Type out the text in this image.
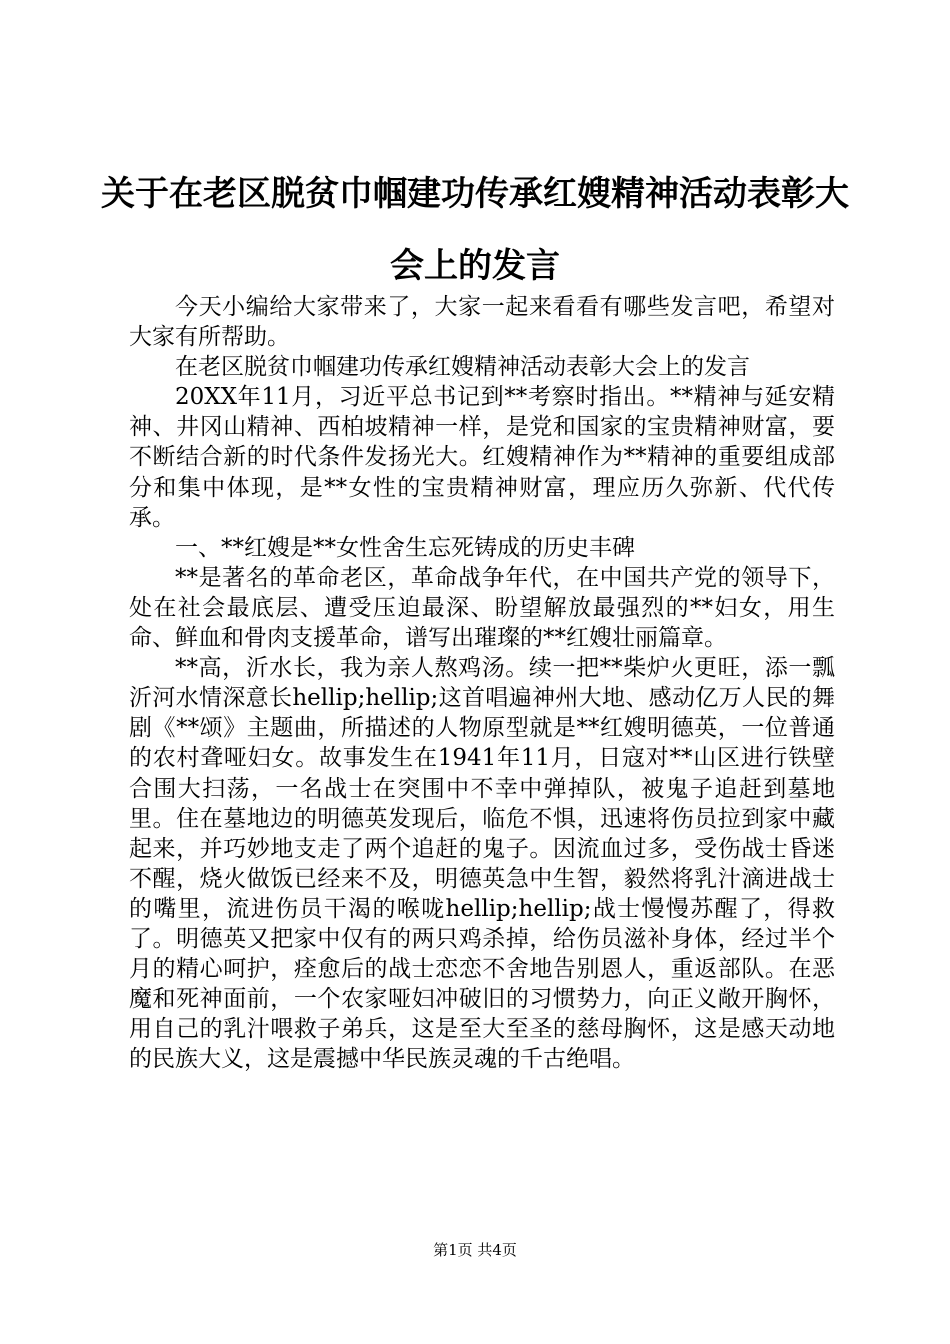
关于在老区脱贫巾帼建功传承红嫂精神活动表彰大会上的发言

今天小编给大家带来了，大家一起来看看有哪些发言吧，希望对大家有所帮助。

在老区脱贫巾帼建功传承红嫂精神活动表彰大会上的发言

20XX年11月，习近平总书记到**考察时指出。**精神与延安精神、井冈山精神、西柏坡精神一样，是党和国家的宝贵精神财富，要不断结合新的时代条件发扬光大。红嫂精神作为**精神的重要组成部分和集中体现，是**女性的宝贵精神财富，理应历久弥新、代代传承。

一、**红嫂是**女性舍生忘死铸成的历史丰碑

**是著名的革命老区，革命战争年代，在中国共产党的领导下，处在社会最底层、遭受压迫最深、盼望解放最强烈的**妇女，用生命、鲜血和骨肉支援革命，谱写出璀璨的**红嫂壮丽篇章。

**高，沂水长，我为亲人熬鸡汤。续一把**柴炉火更旺，添一瓢沂河水情深意长hellip;hellip;这首唱遍神州大地、感动亿万人民的舞剧《**颂》主题曲，所描述的人物原型就是**红嫂明德英，一位普通的农村聋哑妇女。故事发生在1941年11月，日寇对**山区进行铁壁合围大扫荡，一名战士在突围中不幸中弹掉队，被鬼子追赶到墓地里。住在墓地边的明德英发现后，临危不惧，迅速将伤员拉到家中藏起来，并巧妙地支走了两个追赶的鬼子。因流血过多，受伤战士昏迷不醒，烧火做饭已经来不及，明德英急中生智，毅然将乳汁滴进战士的嘴里，流进伤员干渴的喉咙hellip;hellip;战士慢慢苏醒了，得救了。明德英又把家中仅有的两只鸡杀掉，给伤员滋补身体，经过半个月的精心呵护，痊愈后的战士恋恋不舍地告别恩人，重返部队。在恶魔和死神面前，一个农家哑妇冲破旧的习惯势力，向正义敞开胸怀，用自己的乳汁喂救子弟兵，这是至大至圣的慈母胸怀，这是感天动地的民族大义，这是震撼中华民族灵魂的千古绝唱。

第1页 共4页
